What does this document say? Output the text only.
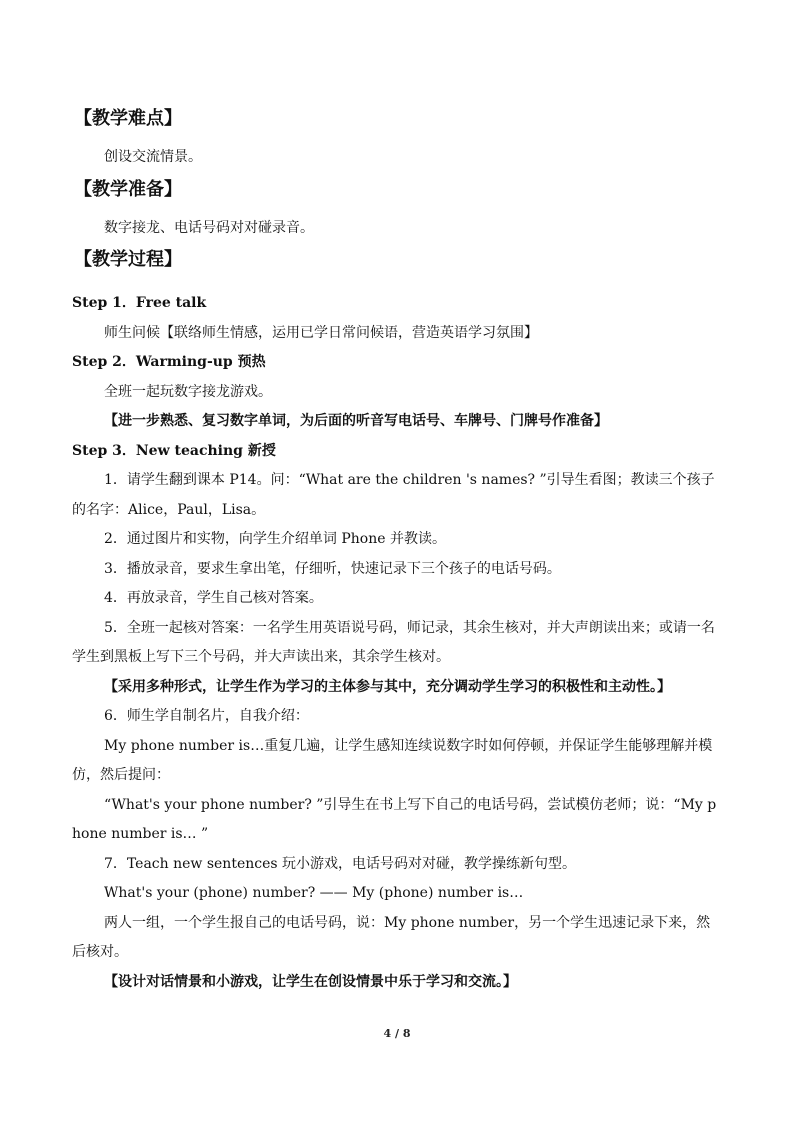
【教学难点】

创设交流情景。

【教学准备】

数字接龙、电话号码对对碰录音。

【教学过程】
Step 1．Free talk

师生问候【联络师生情感，运用已学日常问候语，营造英语学习氛围】

Step 2．Warming-up 预热

全班一起玩数字接龙游戏。

【进一步熟悉、复习数字单词，为后面的听音写电话号、车牌号、门牌号作准备】

Step 3．New teaching 新授

1．请学生翻到课本 P14。问：“What are the children 's names? ”引导生看图；教读三个孩子的名字：Alice，Paul，Lisa。

2．通过图片和实物，向学生介绍单词 Phone 并教读。

3．播放录音，要求生拿出笔，仔细听，快速记录下三个孩子的电话号码。

4．再放录音，学生自己核对答案。

5．全班一起核对答案：一名学生用英语说号码，师记录，其余生核对，并大声朗读出来；或请一名学生到黑板上写下三个号码，并大声读出来，其余学生核对。

【采用多种形式，让学生作为学习的主体参与其中，充分调动学生学习的积极性和主动性。】

6．师生学自制名片，自我介绍：

My phone number is…重复几遍，让学生感知连续说数字时如何停顿，并保证学生能够理解并模仿，然后提问：

“What's your phone number? ”引导生在书上写下自己的电话号码，尝试模仿老师；说：“My phone number is… ”

7．Teach new sentences 玩小游戏，电话号码对对碰，教学操练新句型。

What's your (phone) number? —— My (phone) number is…

两人一组，一个学生报自己的电话号码，说：My phone number，另一个学生迅速记录下来，然后核对。

【设计对话情景和小游戏，让学生在创设情景中乐于学习和交流。】

4 / 8
